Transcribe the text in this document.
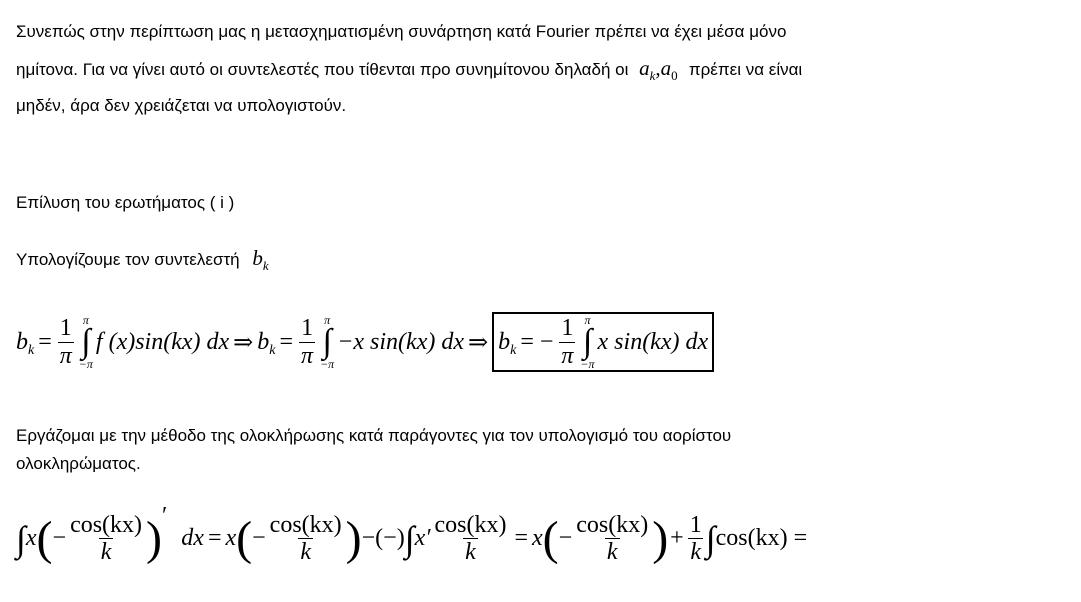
Συνεπώς στην περίπτωση μας η μετασχηματισμένη συνάρτηση κατά Fourier πρέπει να έχει μέσα μόνο
ημίτονα. Για να γίνει αυτό οι συντελεστές που τίθενται προ συνημίτονου δηλαδή οι $a_k,a_0$ πρέπει να είναι
μηδέν, άρα δεν χρειάζεται να υπολογιστούν.
Επίλυση του ερωτήματος ( i )
Υπολογίζουμε τον συντελεστή $b_k$
$b_k = \frac{1}{\pi}$ π
∫
−π
f (x)sin(kx) dx ⇒ $b_k = \frac{1}{\pi}$ π
∫
−π
−x sin(kx) dx ⇒ $b_k$ = − $\frac{1}{\pi}$ π
∫
−π
x sin(kx) dx
Εργάζομαι με την μέθοδο της ολοκλήρωσης κατά παράγοντες για τον υπολογισμό του αορίστου
ολοκληρώματος.
∫ x ( − $\frac{\cos(kx)}{k}$ ) ′
dx = x ( − $\frac{\cos(kx)}{k}$ ) −(−) ∫ $x' \frac{\cos(kx)}{k} = x$ ( − $\frac{\cos(kx)}{k}$ ) + $\frac{1}{k}$ ∫ cos(kx) =
